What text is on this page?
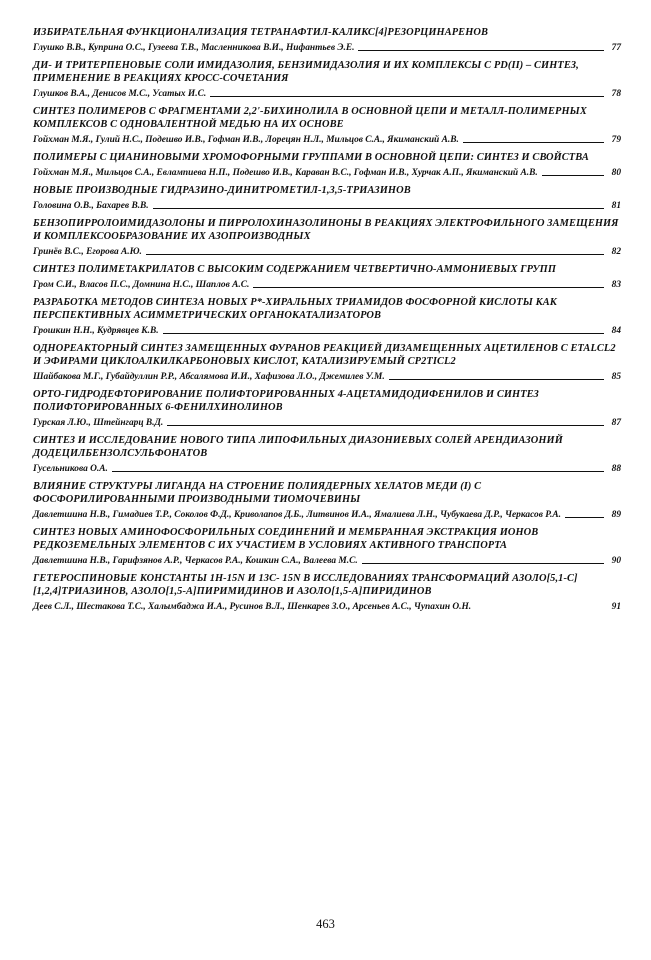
ИЗБИРАТЕЛЬНАЯ ФУНКЦИОНАЛИЗАЦИЯ ТЕТРАНАФТИЛ-КАЛИКС[4]РЕЗОРЦИНАРЕНОВ
Глушко В.В., Куприна О.С., Гузеева Т.В., Масленникова В.И., Нифантьев Э.Е.	77
ДИ- И ТРИТЕРПЕНОВЫЕ СОЛИ ИМИДАЗОЛИЯ, БЕНЗИМИДАЗОЛИЯ И ИХ КОМПЛЕКСЫ С PD(II) – СИНТЕЗ, ПРИМЕНЕНИЕ В РЕАКЦИЯХ КРОСС-СОЧЕТАНИЯ
Глушков В.А., Денисов М.С., Усатых И.С.	78
СИНТЕЗ ПОЛИМЕРОВ С ФРАГМЕНТАМИ 2,2'-БИХИНОЛИЛА В ОСНОВНОЙ ЦЕПИ И МЕТАЛЛ-ПОЛИМЕРНЫХ КОМПЛЕКСОВ С ОДНОВАЛЕНТНОЙ МЕДЬЮ НА ИХ ОСНОВЕ
Гойхман М.Я., Гулий Н.С., Подешво И.В., Гофман И.В., Лорецян Н.Л., Мильцов С.А., Якиманский А.В.	79
ПОЛИМЕРЫ С ЦИАНИНОВЫМИ ХРОМОФОРНЫМИ ГРУППАМИ В ОСНОВНОЙ ЦЕПИ: СИНТЕЗ И СВОЙСТВА
Гойхман М.Я., Мильцов С.А., Евлампиева Н.П., Подешво И.В., Караван В.С., Гофман И.В., Хурчак А.П., Якиманский А.В.	80
НОВЫЕ ПРОИЗВОДНЫЕ ГИДРАЗИНО-ДИНИТРОМЕТИЛ-1,3,5-ТРИАЗИНОВ
Головина О.В., Бахарев В.В.	81
БЕНЗОПИРРОЛОИМИДАЗОЛОНЫ И ПИРРОЛОХИНАЗОЛИНОНЫ В РЕАКЦИЯХ ЭЛЕКТРОФИЛЬНОГО ЗАМЕЩЕНИЯ И КОМПЛЕКСООБРАЗОВАНИЕ ИХ АЗОПРОИЗВОДНЫХ
Гринёв В.С., Егорова А.Ю.	82
СИНТЕЗ ПОЛИМЕТАКРИЛАТОВ С ВЫСОКИМ СОДЕРЖАНИЕМ ЧЕТВЕРТИЧНО-АММОНИЕВЫХ ГРУПП
Гром С.И., Власов П.С., Домнина Н.С., Шаплов А.С.	83
РАЗРАБОТКА МЕТОДОВ СИНТЕЗА НОВЫХ P*-ХИРАЛЬНЫХ ТРИАМИДОВ ФОСФОРНОЙ КИСЛОТЫ КАК ПЕРСПЕКТИВНЫХ АСИММЕТРИЧЕСКИХ ОРГАНОКАТАЛИЗАТОРОВ
Грошкин Н.Н., Кудрявцев К.В.	84
ОДНОРЕАКТОРНЫЙ СИНТЕЗ ЗАМЕЩЕННЫХ ФУРАНОВ РЕАКЦИЕЙ ДИЗАМЕЩЕННЫХ АЦЕТИЛЕНОВ С ETALCL2 И ЭФИРАМИ ЦИКЛОАЛКИЛКАРБОНОВЫХ КИСЛОТ, КАТАЛИЗИРУЕМЫЙ CP2TICL2
Шайбакова М.Г., Губайдуллин Р.Р., Абсалямова И.И., Хафизова Л.О., Джемилев У.М.	85
ОРТО-ГИДРОДЕФТОРИРОВАНИЕ ПОЛИФТОРИРОВАННЫХ 4-АЦЕТАМИДОДИФЕНИЛОВ И СИНТЕЗ ПОЛИФТОРИРОВАННЫХ 6-ФЕНИЛХИНОЛИНОВ
Гурская Л.Ю., Штейнгарц В.Д.	87
СИНТЕЗ И ИССЛЕДОВАНИЕ НОВОГО ТИПА ЛИПОФИЛЬНЫХ ДИАЗОНИЕВЫХ СОЛЕЙ АРЕНДИАЗОНИЙ ДОДЕЦИЛБЕНЗОЛСУЛЬФОНАТОВ
Гусельникова О.А.	88
ВЛИЯНИЕ СТРУКТУРЫ ЛИГАНДА НА СТРОЕНИЕ ПОЛИЯДЕРНЫХ ХЕЛАТОВ МЕДИ (I) С ФОСФОРИЛИРОВАННЫМИ ПРОИЗВОДНЫМИ ТИОМОЧЕВИНЫ
Давлетшина Н.В., Гимадиев Т.Р., Соколов Ф.Д., Криволапов Д.Б., Литвинов И.А., Ямалиева Л.Н., Чубукаева Д.Р., Черкасов Р.А.	89
СИНТЕЗ НОВЫХ АМИНОФОСФОРИЛЬНЫХ СОЕДИНЕНИЙ И МЕМБРАННАЯ ЭКСТРАКЦИЯ ИОНОВ РЕДКОЗЕМЕЛЬНЫХ ЭЛЕМЕНТОВ С ИХ УЧАСТИЕМ В УСЛОВИЯХ АКТИВНОГО ТРАНСПОРТА
Давлетшина Н.В., Гарифзянов А.Р., Черкасов Р.А., Кошкин С.А., Валеева М.С.	90
ГЕТЕРОСПИНОВЫЕ КОНСТАНТЫ 1H-15N И 13C- 15N В ИССЛЕДОВАНИЯХ ТРАНСФОРМАЦИЙ АЗОЛО[5,1-C][1,2,4]ТРИАЗИНОВ, АЗОЛО[1,5-A]ПИРИМИДИНОВ И АЗОЛО[1,5-A]ПИРИДИНОВ
Деев С.Л., Шестакова Т.С., Халымбаджа И.А., Русинов В.Л., Шенкарев З.О., Арсеньев А.С., Чупахин О.Н.	91
463
